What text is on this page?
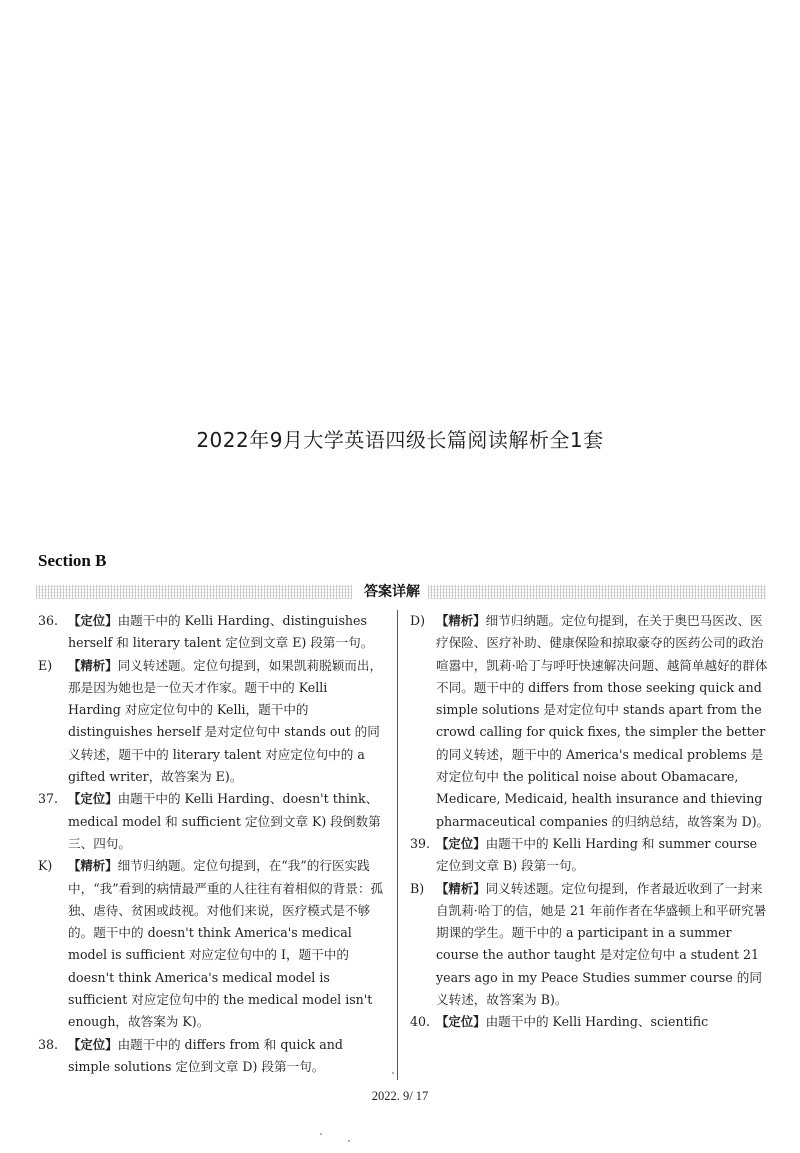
2022年9月大学英语四级长篇阅读解析全1套
Section B
答案详解

36. 【定位】由题干中的 Kelli Harding、distinguishes herself 和 literary talent 定位到文章 E) 段第一句。

E) 【精析】同义转述题。定位句提到，如果凯莉脱颖而出，那是因为她也是一位天才作家。题干中的 Kelli Harding 对应定位句中的 Kelli，题干中的 distinguishes herself 是对定位句中 stands out 的同义转述，题干中的 literary talent 对应定位句中的 a gifted writer，故答案为 E)。

37. 【定位】由题干中的 Kelli Harding、doesn't think、medical model 和 sufficient 定位到文章 K) 段倒数第三、四句。

K) 【精析】细节归纳题。定位句提到，在“我”的行医实践中，“我”看到的病情最严重的人往往有着相似的背景：孤独、虐待、贫困或歧视。对他们来说，医疗模式是不够的。题干中的 doesn't think America's medical model is sufficient 对应定位句中的 I，题干中的 doesn't think America's medical model is sufficient 对应定位句中的 the medical model isn't enough，故答案为 K)。

38. 【定位】由题干中的 differs from 和 quick and simple solutions 定位到文章 D) 段第一句。

D) 【精析】细节归纳题。定位句提到，在关于奥巴马医改、医疗保险、医疗补助、健康保险和掠取豪夺的医药公司的政治喧嚣中，凯莉·哈丁与呼吁快速解决问题、越简单越好的群体不同。题干中的 differs from those seeking quick and simple solutions 是对定位句中 stands apart from the crowd calling for quick fixes, the simpler the better 的同义转述，题干中的 America's medical problems 是对定位句中 the political noise about Obamacare, Medicare, Medicaid, health insurance and thieving pharmaceutical companies 的归纳总结，故答案为 D)。

39. 【定位】由题干中的 Kelli Harding 和 summer course 定位到文章 B) 段第一句。

B) 【精析】同义转述题。定位句提到，作者最近收到了一封来自凯莉·哈丁的信，她是 21 年前作者在华盛顿上和平研究暑期课的学生。题干中的 a participant in a summer course the author taught 是对定位句中 a student 21 years ago in my Peace Studies summer course 的同义转述，故答案为 B)。

40. 【定位】由题干中的 Kelli Harding、scientific

2022. 9/ 17
